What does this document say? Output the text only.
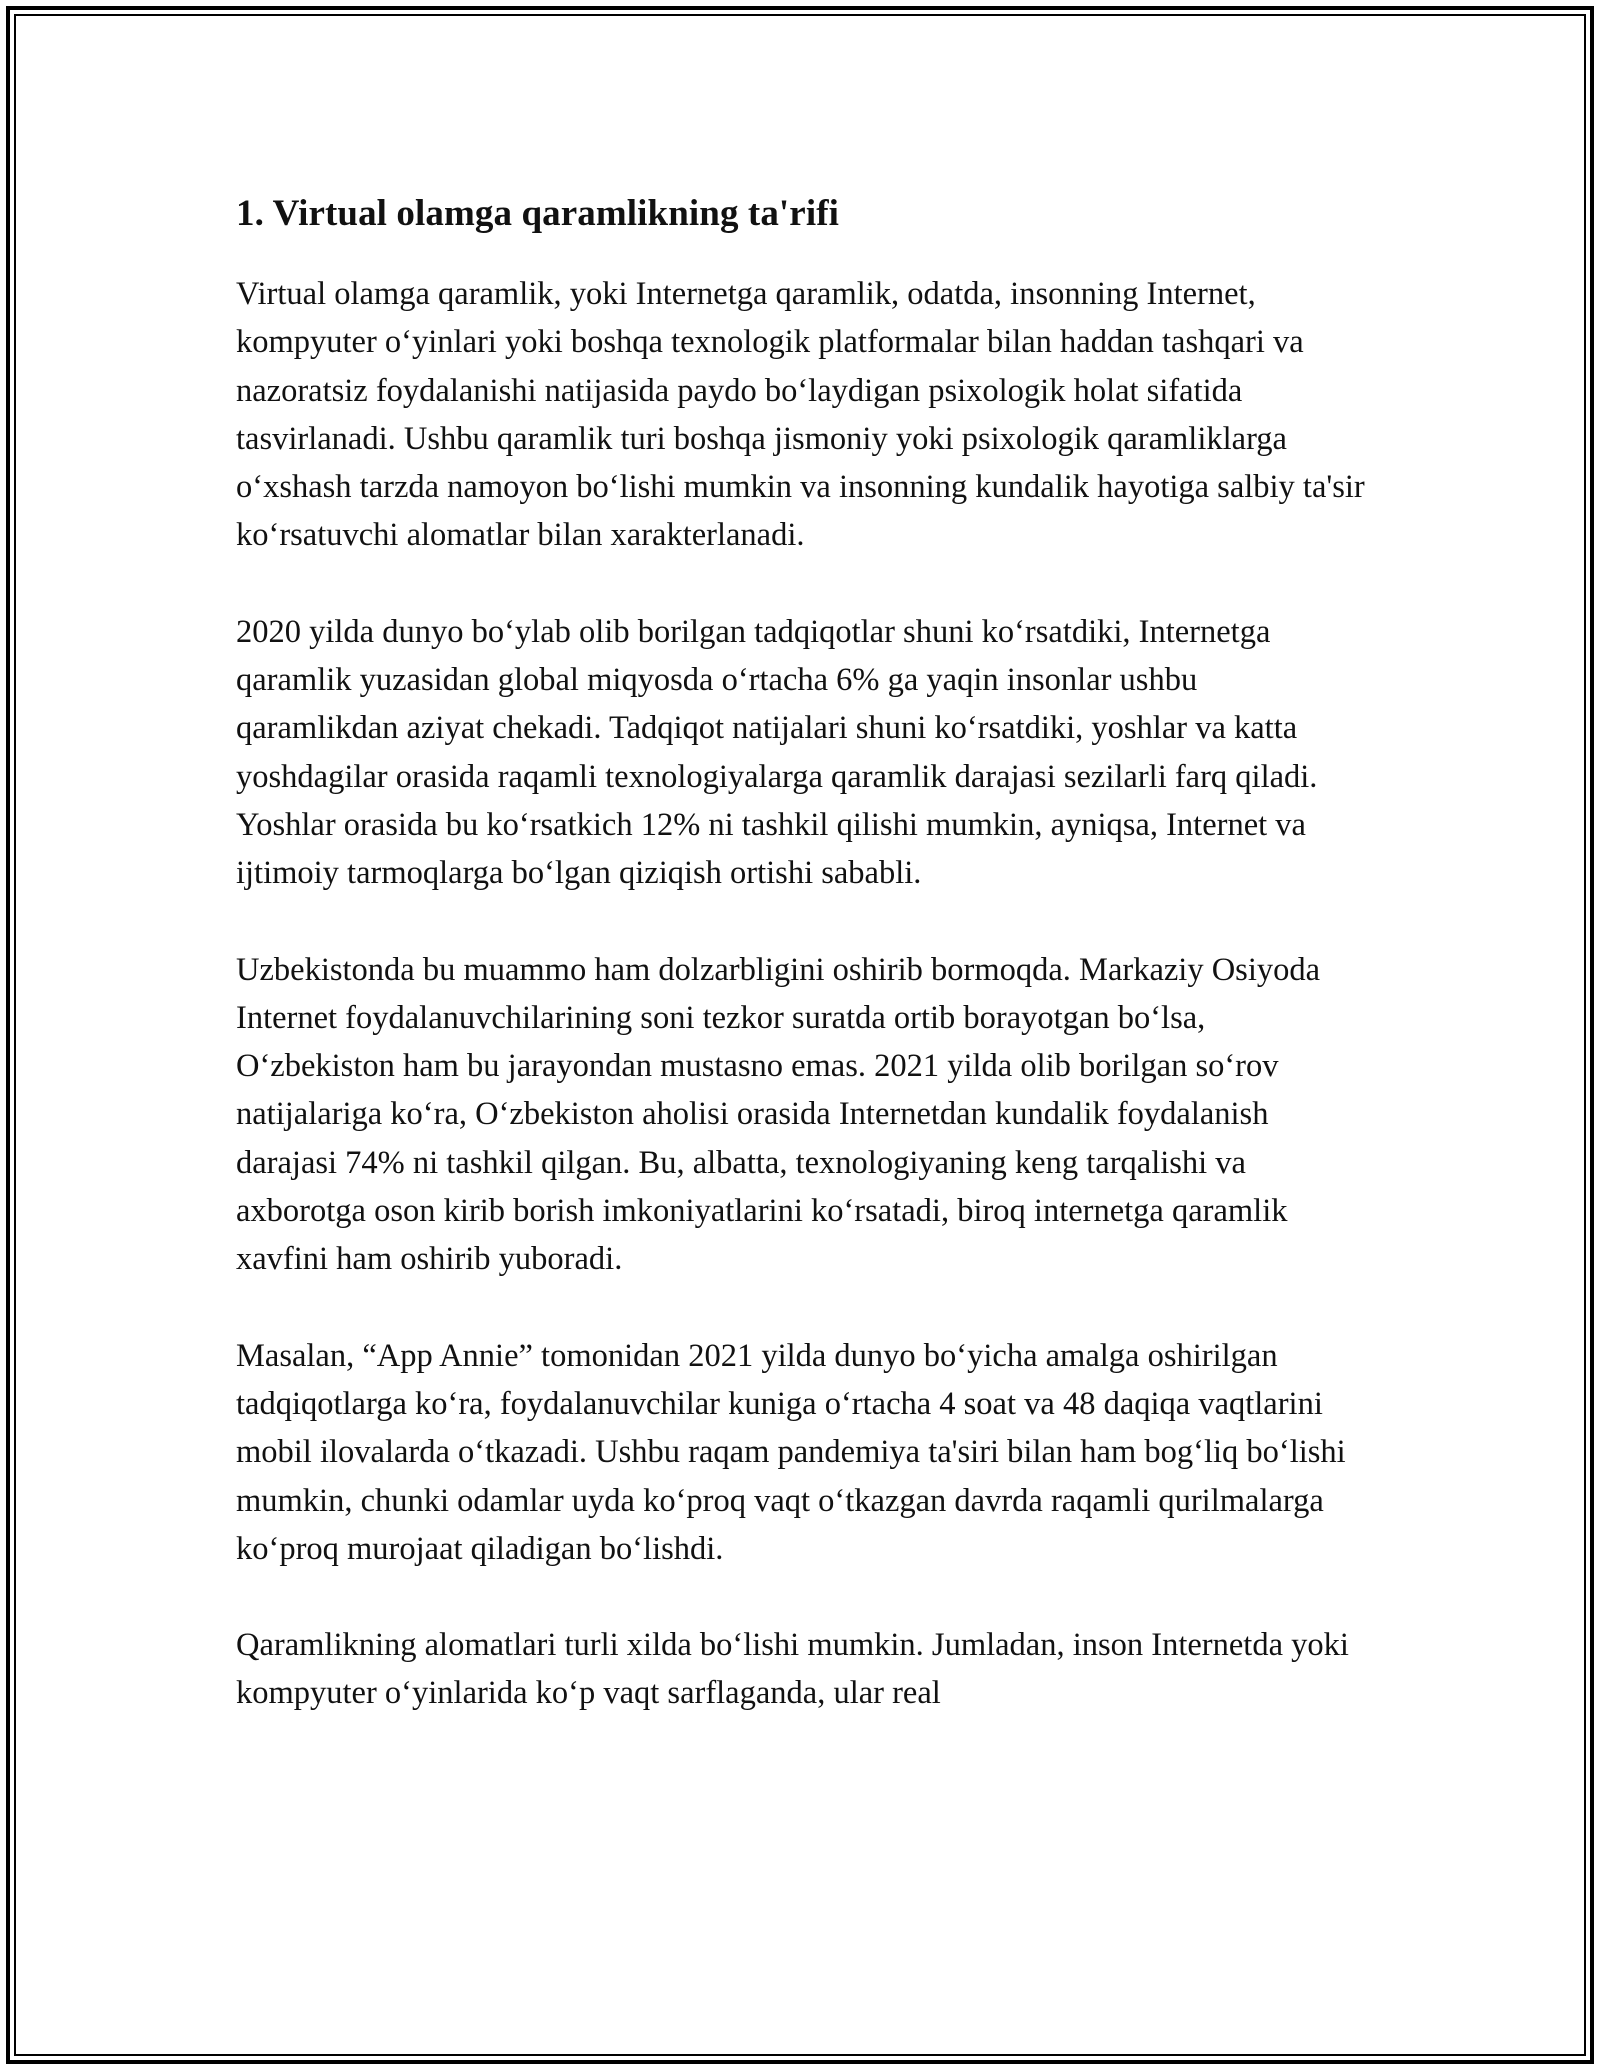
1. Virtual olamga qaramlikning ta'rifi

Virtual olamga qaramlik, yoki Internetga qaramlik, odatda, insonning Internet, kompyuter o‘yinlari yoki boshqa texnologik platformalar bilan haddan tashqari va nazoratsiz foydalanishi natijasida paydo bo‘laydigan psixologik holat sifatida tasvirlanadi. Ushbu qaramlik turi boshqa jismoniy yoki psixologik qaramliklarga o‘xshash tarzda namoyon bo‘lishi mumkin va insonning kundalik hayotiga salbiy ta'sir ko‘rsatuvchi alomatlar bilan xarakterlanadi.

2020 yilda dunyo bo‘ylab olib borilgan tadqiqotlar shuni ko‘rsatdiki, Internetga qaramlik yuzasidan global miqyosda o‘rtacha 6% ga yaqin insonlar ushbu qaramlikdan aziyat chekadi. Tadqiqot natijalari shuni ko‘rsatdiki, yoshlar va katta yoshdagilar orasida raqamli texnologiyalarga qaramlik darajasi sezilarli farq qiladi. Yoshlar orasida bu ko‘rsatkich 12% ni tashkil qilishi mumkin, ayniqsa, Internet va ijtimoiy tarmoqlarga bo‘lgan qiziqish ortishi sababli.

Uzbekistonda bu muammo ham dolzarbligini oshirib bormoqda. Markaziy Osiyoda Internet foydalanuvchilarining soni tezkor suratda ortib borayotgan bo‘lsa, O‘zbekiston ham bu jarayondan mustasno emas. 2021 yilda olib borilgan so‘rov natijalariga ko‘ra, O‘zbekiston aholisi orasida Internetdan kundalik foydalanish darajasi 74% ni tashkil qilgan. Bu, albatta, texnologiyaning keng tarqalishi va axborotga oson kirib borish imkoniyatlarini ko‘rsatadi, biroq internetga qaramlik xavfini ham oshirib yuboradi.

Masalan, “App Annie” tomonidan 2021 yilda dunyo bo‘yicha amalga oshirilgan tadqiqotlarga ko‘ra, foydalanuvchilar kuniga o‘rtacha 4 soat va 48 daqiqa vaqtlarini mobil ilovalarda o‘tkazadi. Ushbu raqam pandemiya ta'siri bilan ham bog‘liq bo‘lishi mumkin, chunki odamlar uyda ko‘proq vaqt o‘tkazgan davrda raqamli qurilmalarga ko‘proq murojaat qiladigan bo‘lishdi.

Qaramlikning alomatlari turli xilda bo‘lishi mumkin. Jumladan, inson Internetda yoki kompyuter o‘yinlarida ko‘p vaqt sarflaganda, ular real
